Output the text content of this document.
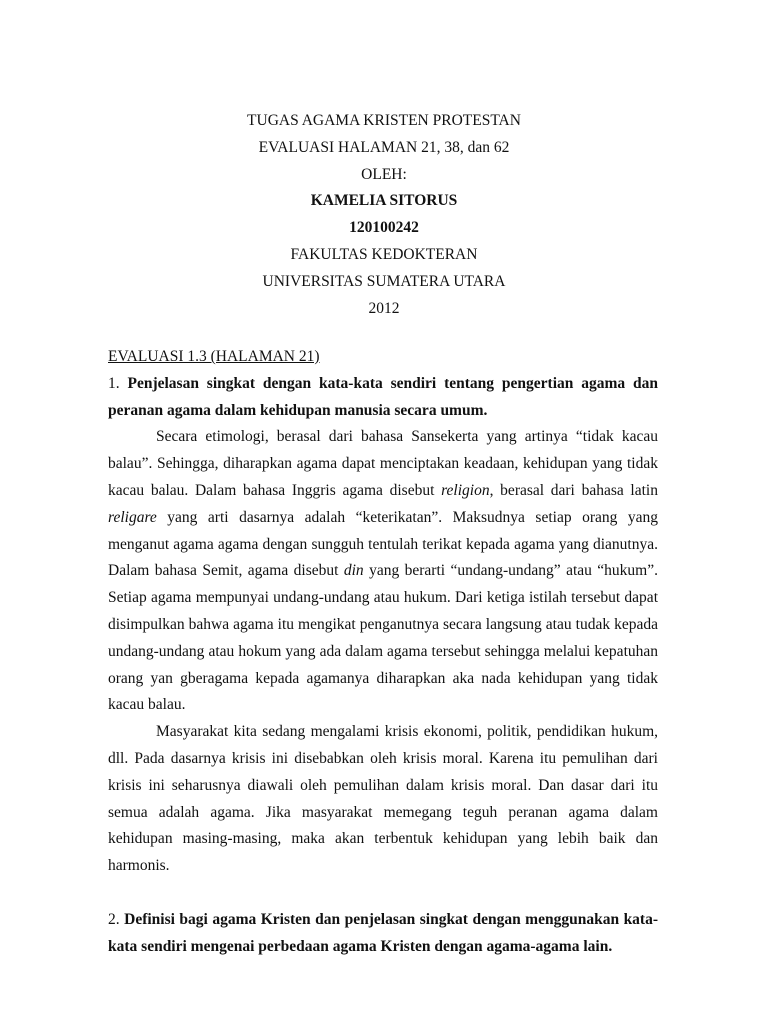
TUGAS AGAMA KRISTEN PROTESTAN
EVALUASI HALAMAN 21, 38, dan 62
OLEH:
KAMELIA SITORUS
120100242
FAKULTAS KEDOKTERAN
UNIVERSITAS SUMATERA UTARA
2012
EVALUASI 1.3 (HALAMAN 21)
1. Penjelasan singkat dengan kata-kata sendiri tentang pengertian agama dan
peranan agama dalam kehidupan manusia secara umum.
Secara etimologi, berasal dari bahasa Sansekerta yang artinya “tidak kacau
balau”. Sehingga, diharapkan agama dapat menciptakan keadaan, kehidupan yang tidak
kacau balau. Dalam bahasa Inggris agama disebut religion, berasal dari bahasa latin
religare yang arti dasarnya adalah “keterikatan”. Maksudnya setiap orang yang
menganut agama agama dengan sungguh tentulah terikat kepada agama yang dianutnya.
Dalam bahasa Semit, agama disebut din yang berarti “undang-undang” atau “hukum”.
Setiap agama mempunyai undang-undang atau hukum. Dari ketiga istilah tersebut dapat
disimpulkan bahwa agama itu mengikat penganutnya secara langsung atau tudak kepada
undang-undang atau hokum yang ada dalam agama tersebut sehingga melalui kepatuhan
orang yan gberagama kepada agamanya diharapkan aka nada kehidupan yang tidak
kacau balau.
Masyarakat kita sedang mengalami krisis ekonomi, politik, pendidikan hukum,
dll. Pada dasarnya krisis ini disebabkan oleh krisis moral. Karena itu pemulihan dari
krisis ini seharusnya diawali oleh pemulihan dalam krisis moral. Dan dasar dari itu
semua adalah agama. Jika masyarakat memegang teguh peranan agama dalam
kehidupan masing-masing, maka akan terbentuk kehidupan yang lebih baik dan
harmonis.
2. Definisi bagi agama Kristen dan penjelasan singkat dengan menggunakan kata-
kata sendiri mengenai perbedaan agama Kristen dengan agama-agama lain.
